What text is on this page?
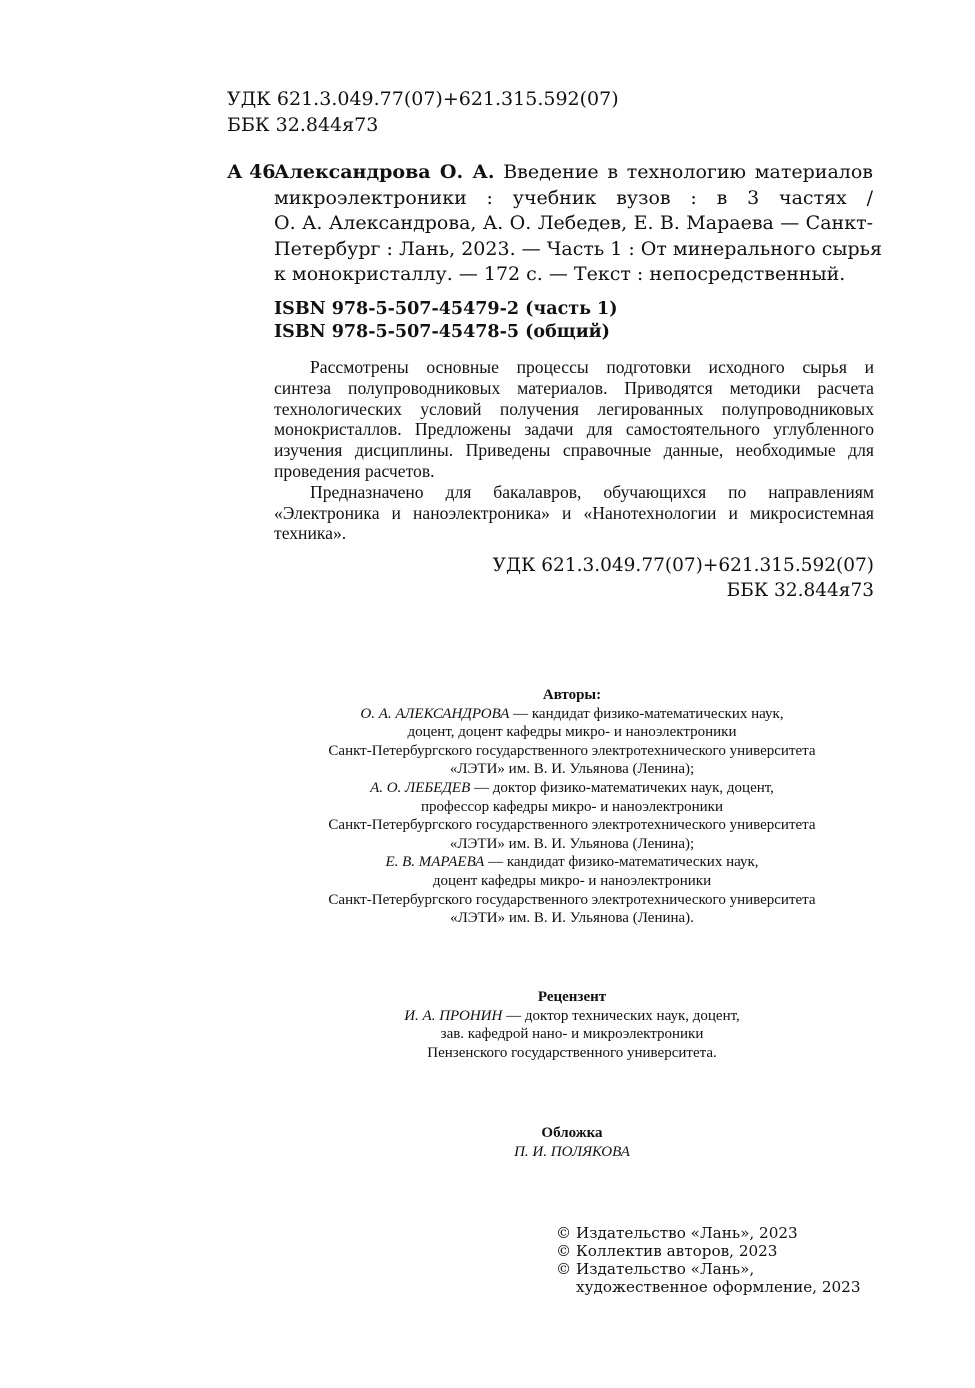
УДК 621.3.049.77(07)+621.315.592(07)
ББК 32.844я73
А 46
Александрова О. А. Введение в технологию материалов
микроэлектроники : учебник вузов : в 3 частях /
О. А. Александрова, А. О. Лебедев, Е. В. Мараева — Санкт-
Петербург : Лань, 2023. — Часть 1 : От минерального сырья
к монокристаллу. — 172 с. — Текст : непосредственный.
ISBN 978-5-507-45479-2 (часть 1)
ISBN 978-5-507-45478-5 (общий)
Рассмотрены основные процессы подготовки исходного сырья и
синтеза полупроводниковых материалов. Приводятся методики расчета
технологических условий получения легированных полупроводниковых
монокристаллов. Предложены задачи для самостоятельного углубленного
изучения дисциплины. Приведены справочные данные, необходимые для
проведения расчетов.
Предназначено для бакалавров, обучающихся по направлениям
«Электроника и наноэлектроника» и «Нанотехнологии и микросистемная
техника».
УДК 621.3.049.77(07)+621.315.592(07)
ББК 32.844я73
Авторы:
О. А. АЛЕКСАНДРОВА — кандидат физико-математических наук,
доцент, доцент кафедры микро- и наноэлектроники
Санкт-Петербургского государственного электротехнического университета
«ЛЭТИ» им. В. И. Ульянова (Ленина);
А. О. ЛЕБЕДЕВ — доктор физико-математичеких наук, доцент,
профессор кафедры микро- и наноэлектроники
Санкт-Петербургского государственного электротехнического университета
«ЛЭТИ» им. В. И. Ульянова (Ленина);
Е. В. МАРАЕВА — кандидат физико-математических наук,
доцент кафедры микро- и наноэлектроники
Санкт-Петербургского государственного электротехнического университета
«ЛЭТИ» им. В. И. Ульянова (Ленина).
Рецензент
И. А. ПРОНИН — доктор технических наук, доцент,
зав. кафедрой нано- и микроэлектроники
Пензенского государственного университета.
Обложка
П. И. ПОЛЯКОВА
© Издательство «Лань», 2023
© Коллектив авторов, 2023
© Издательство «Лань»,
художественное оформление, 2023
